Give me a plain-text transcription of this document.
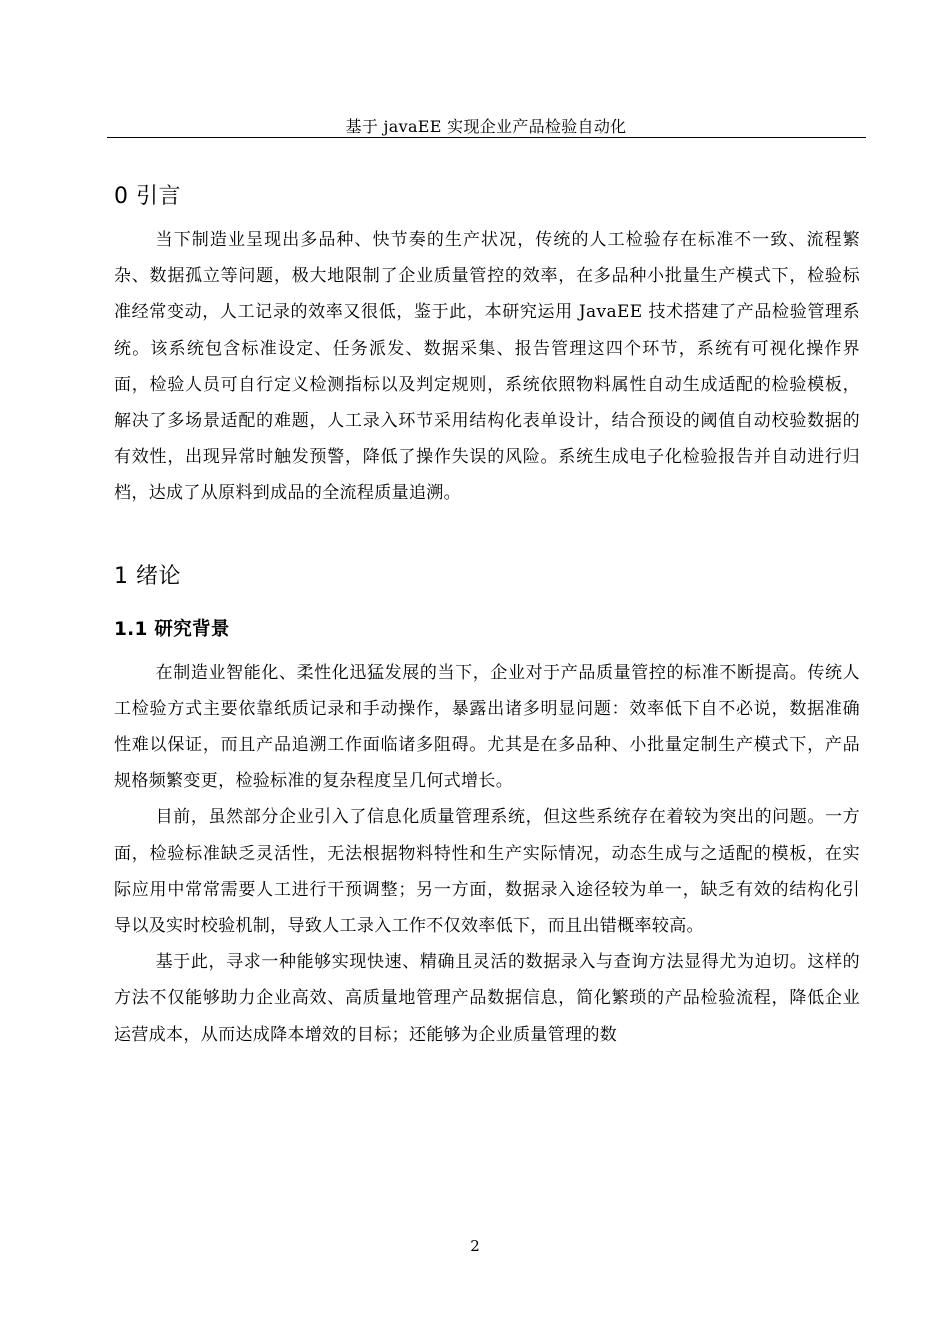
基于 javaEE 实现企业产品检验自动化
0 引言

当下制造业呈现出多品种、快节奏的生产状况，传统的人工检验存在标准不一致、流程繁杂、数据孤立等问题，极大地限制了企业质量管控的效率，在多品种小批量生产模式下，检验标准经常变动，人工记录的效率又很低，鉴于此，本研究运用 JavaEE 技术搭建了产品检验管理系统。该系统包含标准设定、任务派发、数据采集、报告管理这四个环节，系统有可视化操作界面，检验人员可自行定义检测指标以及判定规则，系统依照物料属性自动生成适配的检验模板，解决了多场景适配的难题，人工录入环节采用结构化表单设计，结合预设的阈值自动校验数据的有效性，出现异常时触发预警，降低了操作失误的风险。系统生成电子化检验报告并自动进行归档，达成了从原料到成品的全流程质量追溯。

1 绪论
1.1 研究背景

在制造业智能化、柔性化迅猛发展的当下，企业对于产品质量管控的标准不断提高。传统人工检验方式主要依靠纸质记录和手动操作，暴露出诸多明显问题：效率低下自不必说，数据准确性难以保证，而且产品追溯工作面临诸多阻碍。尤其是在多品种、小批量定制生产模式下，产品规格频繁变更，检验标准的复杂程度呈几何式增长。

目前，虽然部分企业引入了信息化质量管理系统，但这些系统存在着较为突出的问题。一方面，检验标准缺乏灵活性，无法根据物料特性和生产实际情况，动态生成与之适配的模板，在实际应用中常常需要人工进行干预调整；另一方面，数据录入途径较为单一，缺乏有效的结构化引导以及实时校验机制，导致人工录入工作不仅效率低下，而且出错概率较高。

基于此，寻求一种能够实现快速、精确且灵活的数据录入与查询方法显得尤为迫切。这样的方法不仅能够助力企业高效、高质量地管理产品数据信息，简化繁琐的产品检验流程，降低企业运营成本，从而达成降本增效的目标；还能够为企业质量管理的数

2
